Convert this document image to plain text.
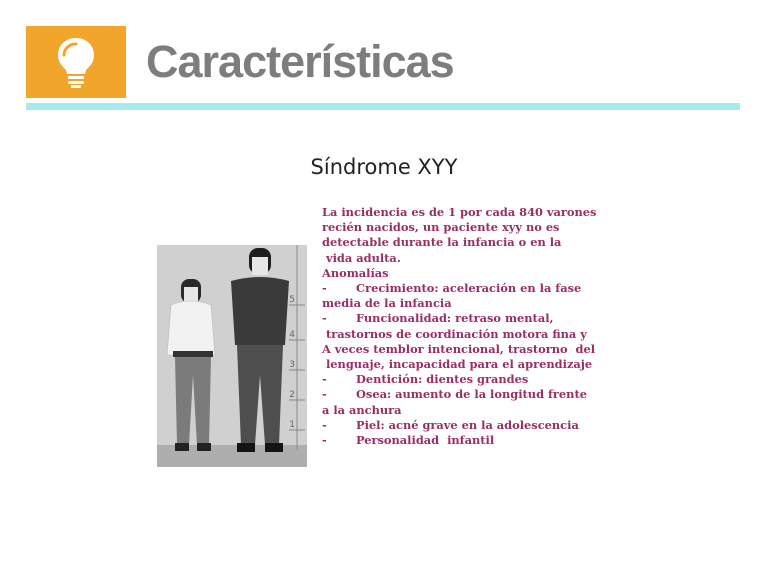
Características
Síndrome XYY
5
4
3
2
1
La incidencia es de 1 por cada 840 varones
recién nacidos, un paciente xyy no es
detectable durante la infancia o en la
vida adulta.
Anomalías
-	Crecimiento: aceleración en la fase
media de la infancia
-	Funcionalidad: retraso mental,
trastornos de coordinación motora fina y
A veces temblor intencional, trastorno  del
lenguaje, incapacidad para el aprendizaje
-	Dentición: dientes grandes
-	Osea: aumento de la longitud frente
a la anchura
-	Piel: acné grave en la adolescencia
-	Personalidad  infantil
